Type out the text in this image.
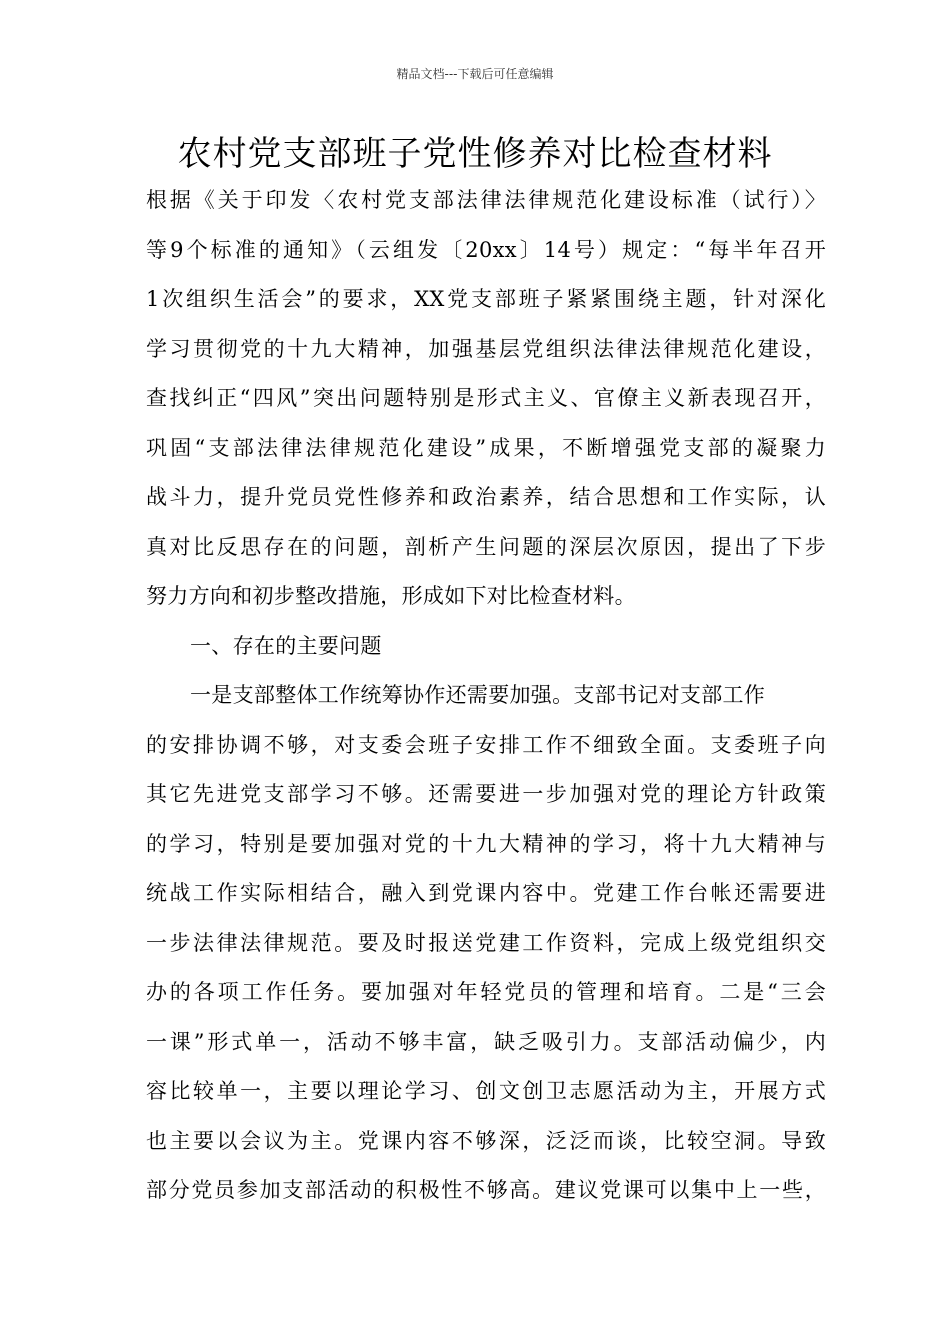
精品文档---下载后可任意编辑
农村党支部班子党性修养对比检查材料
根据《关于印发〈农村党支部法律法律规范化建设标准（试行）〉
等9个标准的通知》（云组发〔20xx〕14号）规定：“每半年召开
1次组织生活会”的要求，XX党支部班子紧紧围绕主题，针对深化
学习贯彻党的十九大精神，加强基层党组织法律法律规范化建设，
查找纠正“四风”突出问题特别是形式主义、官僚主义新表现召开，
巩固“支部法律法律规范化建设”成果，不断增强党支部的凝聚力
战斗力，提升党员党性修养和政治素养，结合思想和工作实际，认
真对比反思存在的问题，剖析产生问题的深层次原因，提出了下步
努力方向和初步整改措施，形成如下对比检查材料。
一、存在的主要问题
一是支部整体工作统筹协作还需要加强。支部书记对支部工作
的安排协调不够，对支委会班子安排工作不细致全面。支委班子向
其它先进党支部学习不够。还需要进一步加强对党的理论方针政策
的学习，特别是要加强对党的十九大精神的学习，将十九大精神与
统战工作实际相结合，融入到党课内容中。党建工作台帐还需要进
一步法律法律规范。要及时报送党建工作资料，完成上级党组织交
办的各项工作任务。要加强对年轻党员的管理和培育。二是“三会
一课”形式单一，活动不够丰富，缺乏吸引力。支部活动偏少，内
容比较单一，主要以理论学习、创文创卫志愿活动为主，开展方式
也主要以会议为主。党课内容不够深，泛泛而谈，比较空洞。导致
部分党员参加支部活动的积极性不够高。建议党课可以集中上一些，
